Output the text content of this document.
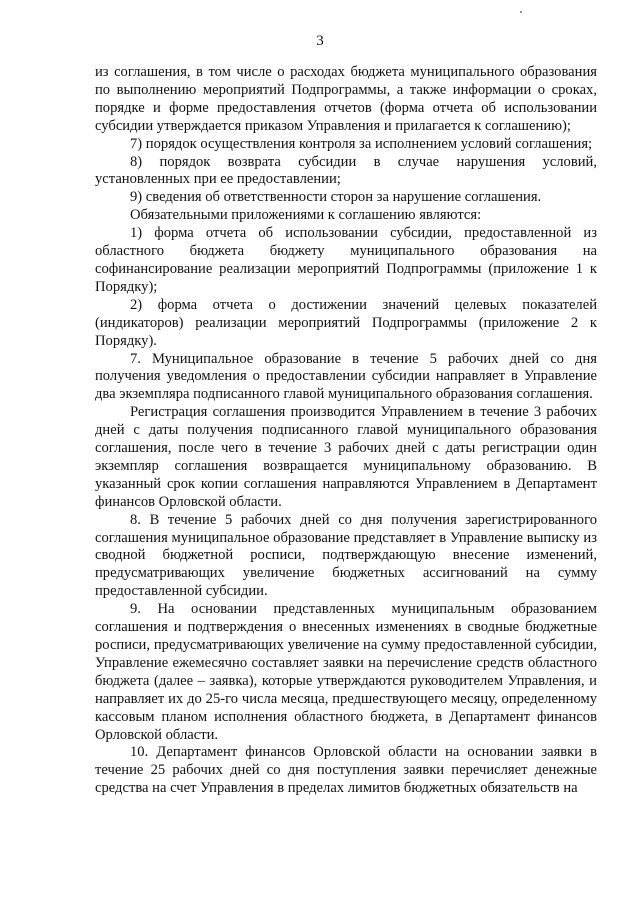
3

из соглашения, в том числе о расходах бюджета муниципального образования по выполнению мероприятий Подпрограммы, а также информации о сроках, порядке и форме предоставления отчетов (форма отчета об использовании субсидии утверждается приказом Управления и прилагается к соглашению);

7) порядок осуществления контроля за исполнением условий соглашения;

8) порядок возврата субсидии в случае нарушения условий, установленных при ее предоставлении;

9) сведения об ответственности сторон за нарушение соглашения.

Обязательными приложениями к соглашению являются:

1) форма отчета об использовании субсидии, предоставленной из областного бюджета бюджету муниципального образования на софинансирование реализации мероприятий Подпрограммы (приложение 1 к Порядку);

2) форма отчета о достижении значений целевых показателей (индикаторов) реализации мероприятий Подпрограммы (приложение 2 к Порядку).

7. Муниципальное образование в течение 5 рабочих дней со дня получения уведомления о предоставлении субсидии направляет в Управление два экземпляра подписанного главой муниципального образования соглашения.

Регистрация соглашения производится Управлением в течение 3 рабочих дней с даты получения подписанного главой муниципального образования соглашения, после чего в течение 3 рабочих дней с даты регистрации один экземпляр соглашения возвращается муниципальному образованию. В указанный срок копии соглашения направляются Управлением в Департамент финансов Орловской области.

8. В течение 5 рабочих дней со дня получения зарегистрированного соглашения муниципальное образование представляет в Управление выписку из сводной бюджетной росписи, подтверждающую внесение изменений, предусматривающих увеличение бюджетных ассигнований на сумму предоставленной субсидии.

9. На основании представленных муниципальным образованием соглашения и подтверждения о внесенных изменениях в сводные бюджетные росписи, предусматривающих увеличение на сумму предоставленной субсидии, Управление ежемесячно составляет заявки на перечисление средств областного бюджета (далее – заявка), которые утверждаются руководителем Управления, и направляет их до 25-го числа месяца, предшествующего месяцу, определенному кассовым планом исполнения областного бюджета, в Департамент финансов Орловской области.

10. Департамент финансов Орловской области на основании заявки в течение 25 рабочих дней со дня поступления заявки перечисляет денежные средства на счет Управления в пределах лимитов бюджетных обязательств на
